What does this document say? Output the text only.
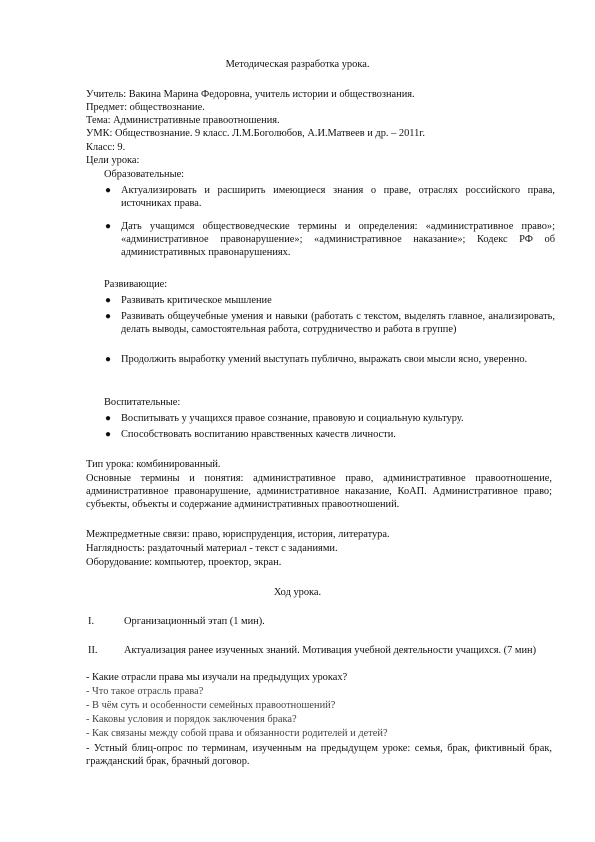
Методическая разработка урока.
Учитель: Вакина Марина Федоровна, учитель истории и обществознания.
Предмет: обществознание.
Тема: Административные правоотношения.
УМК: Обществознание. 9 класс. Л.М.Боголюбов, А.И.Матвеев и др. – 2011г.
Класс: 9.
Цели урока:
Образовательные:
● Актуализировать и расширить имеющиеся знания о праве, отраслях российского права, источниках права.
● Дать учащимся обществоведческие термины и определения: «административное право»; «административное правонарушение»; «административное наказание»; Кодекс РФ об административных правонарушениях.
Развивающие:
● Развивать критическое мышление
● Развивать общеучебные умения и навыки (работать с текстом, выделять главное, анализировать, делать выводы, самостоятельная работа, сотрудничество и работа в группе)
● Продолжить выработку умений выступать публично, выражать свои мысли ясно, уверенно.
Воспитательные:
● Воспитывать у учащихся правое сознание, правовую и социальную культуру.
● Способствовать воспитанию нравственных качеств личности.
Тип урока: комбинированный.
Основные термины и понятия: административное право, административное правоотношение, административное правонарушение, административное наказание, КоАП. Административное право; субъекты, объекты и содержание административных правоотношений.
Межпредметные связи: право, юриспруденция, история, литература.
Наглядность: раздаточный материал - текст с заданиями.
Оборудование: компьютер, проектор, экран.
Ход урока.
I.	Организационный этап (1 мин).
II.	Актуализация ранее изученных знаний. Мотивация учебной деятельности учащихся. (7 мин)
- Какие отрасли права мы изучали на предыдущих уроках?
- Что такое отрасль права?
- В чём суть и особенности семейных правоотношений?
- Каковы условия и порядок заключения брака?
- Как связаны между собой права и обязанности родителей и детей?
- Устный блиц-опрос по терминам, изученным на предыдущем уроке: семья, брак, фиктивный брак, гражданский брак, брачный договор.
